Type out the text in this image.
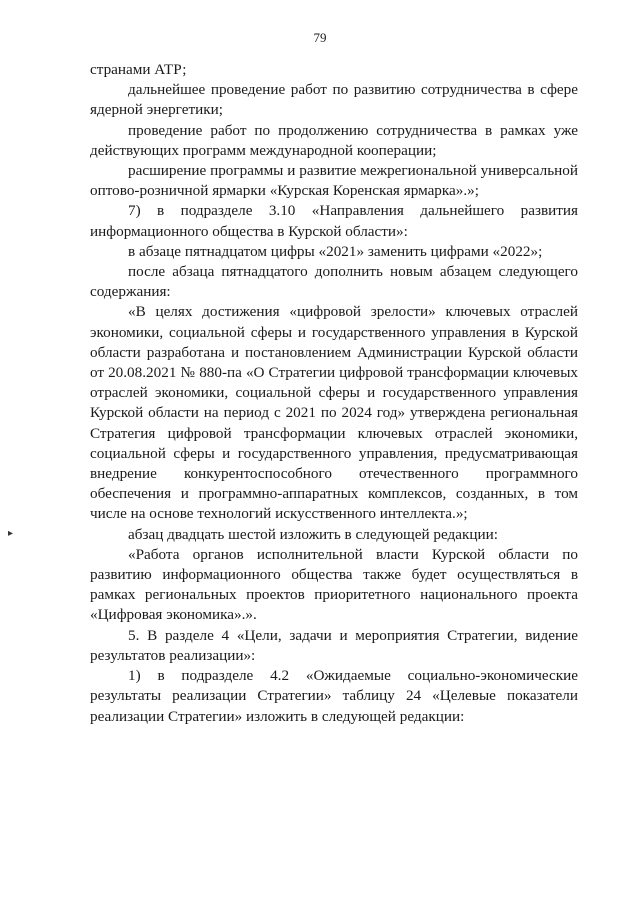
79
▸

странами АТР;

дальнейшее проведение работ по развитию сотрудничества в сфере ядерной энергетики;

проведение работ по продолжению сотрудничества в рамках уже действующих программ международной кооперации;

расширение программы и развитие межрегиональной универсальной оптово-розничной ярмарки «Курская Коренская ярмарка».»;

7) в подразделе 3.10 «Направления дальнейшего развития информационного общества в Курской области»:

в абзаце пятнадцатом цифры «2021» заменить цифрами «2022»;

после абзаца пятнадцатого дополнить новым абзацем следующего содержания:

«В целях достижения «цифровой зрелости» ключевых отраслей экономики, социальной сферы и государственного управления в Курской области разработана и постановлением Администрации Курской области от 20.08.2021 № 880-па «О Стратегии цифровой трансформации ключевых отраслей экономики, социальной сферы и государственного управления Курской области на период с 2021 по 2024 год» утверждена региональная Стратегия цифровой трансформации ключевых отраслей экономики, социальной сферы и государственного управления, предусматривающая внедрение конкурентоспособного отечественного программного обеспечения и программно-аппаратных комплексов, созданных, в том числе на основе технологий искусственного интеллекта.»;

абзац двадцать шестой изложить в следующей редакции:

«Работа органов исполнительной власти Курской области по развитию информационного общества также будет осуществляться в рамках региональных проектов приоритетного национального проекта «Цифровая экономика».».

5. В разделе 4 «Цели, задачи и мероприятия Стратегии, видение результатов реализации»:

1) в подразделе 4.2 «Ожидаемые социально-экономические результаты реализации Стратегии» таблицу 24 «Целевые показатели реализации Стратегии» изложить в следующей редакции:
